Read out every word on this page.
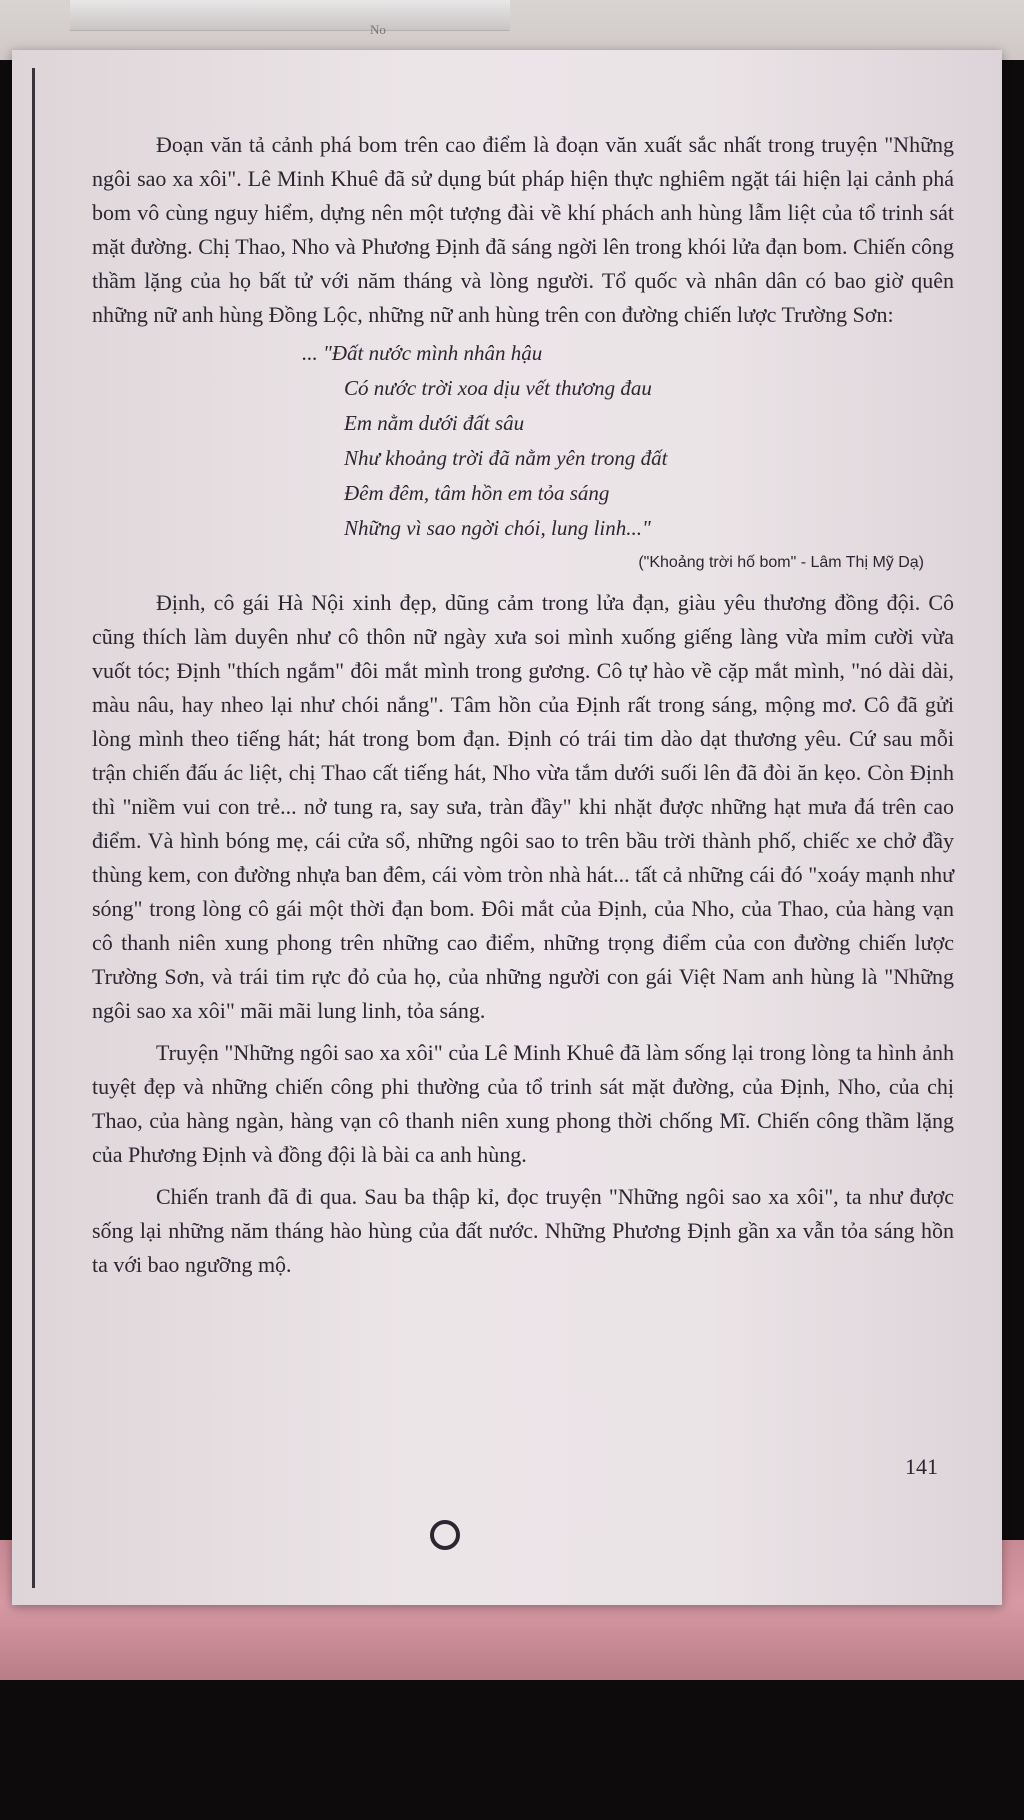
No

Đoạn văn tả cảnh phá bom trên cao điểm là đoạn văn xuất sắc nhất trong truyện "Những ngôi sao xa xôi". Lê Minh Khuê đã sử dụng bút pháp hiện thực nghiêm ngặt tái hiện lại cảnh phá bom vô cùng nguy hiểm, dựng nên một tượng đài về khí phách anh hùng lẫm liệt của tổ trinh sát mặt đường. Chị Thao, Nho và Phương Định đã sáng ngời lên trong khói lửa đạn bom. Chiến công thầm lặng của họ bất tử với năm tháng và lòng người. Tổ quốc và nhân dân có bao giờ quên những nữ anh hùng Đồng Lộc, những nữ anh hùng trên con đường chiến lược Trường Sơn:

... "Đất nước mình nhân hậu
Có nước trời xoa dịu vết thương đau
Em nằm dưới đất sâu
Như khoảng trời đã nằm yên trong đất
Đêm đêm, tâm hồn em tỏa sáng
Những vì sao ngời chói, lung linh..."
("Khoảng trời hố bom" - Lâm Thị Mỹ Dạ)

Định, cô gái Hà Nội xinh đẹp, dũng cảm trong lửa đạn, giàu yêu thương đồng đội. Cô cũng thích làm duyên như cô thôn nữ ngày xưa soi mình xuống giếng làng vừa mỉm cười vừa vuốt tóc; Định "thích ngắm" đôi mắt mình trong gương. Cô tự hào về cặp mắt mình, "nó dài dài, màu nâu, hay nheo lại như chói nắng". Tâm hồn của Định rất trong sáng, mộng mơ. Cô đã gửi lòng mình theo tiếng hát; hát trong bom đạn. Định có trái tim dào dạt thương yêu. Cứ sau mỗi trận chiến đấu ác liệt, chị Thao cất tiếng hát, Nho vừa tắm dưới suối lên đã đòi ăn kẹo. Còn Định thì "niềm vui con trẻ... nở tung ra, say sưa, tràn đầy" khi nhặt được những hạt mưa đá trên cao điểm. Và hình bóng mẹ, cái cửa sổ, những ngôi sao to trên bầu trời thành phố, chiếc xe chở đầy thùng kem, con đường nhựa ban đêm, cái vòm tròn nhà hát... tất cả những cái đó "xoáy mạnh như sóng" trong lòng cô gái một thời đạn bom. Đôi mắt của Định, của Nho, của Thao, của hàng vạn cô thanh niên xung phong trên những cao điểm, những trọng điểm của con đường chiến lược Trường Sơn, và trái tim rực đỏ của họ, của những người con gái Việt Nam anh hùng là "Những ngôi sao xa xôi" mãi mãi lung linh, tỏa sáng.

Truyện "Những ngôi sao xa xôi" của Lê Minh Khuê đã làm sống lại trong lòng ta hình ảnh tuyệt đẹp và những chiến công phi thường của tổ trinh sát mặt đường, của Định, Nho, của chị Thao, của hàng ngàn, hàng vạn cô thanh niên xung phong thời chống Mĩ. Chiến công thầm lặng của Phương Định và đồng đội là bài ca anh hùng.

Chiến tranh đã đi qua. Sau ba thập kỉ, đọc truyện "Những ngôi sao xa xôi", ta như được sống lại những năm tháng hào hùng của đất nước. Những Phương Định gần xa vẫn tỏa sáng hồn ta với bao ngưỡng mộ.

141
